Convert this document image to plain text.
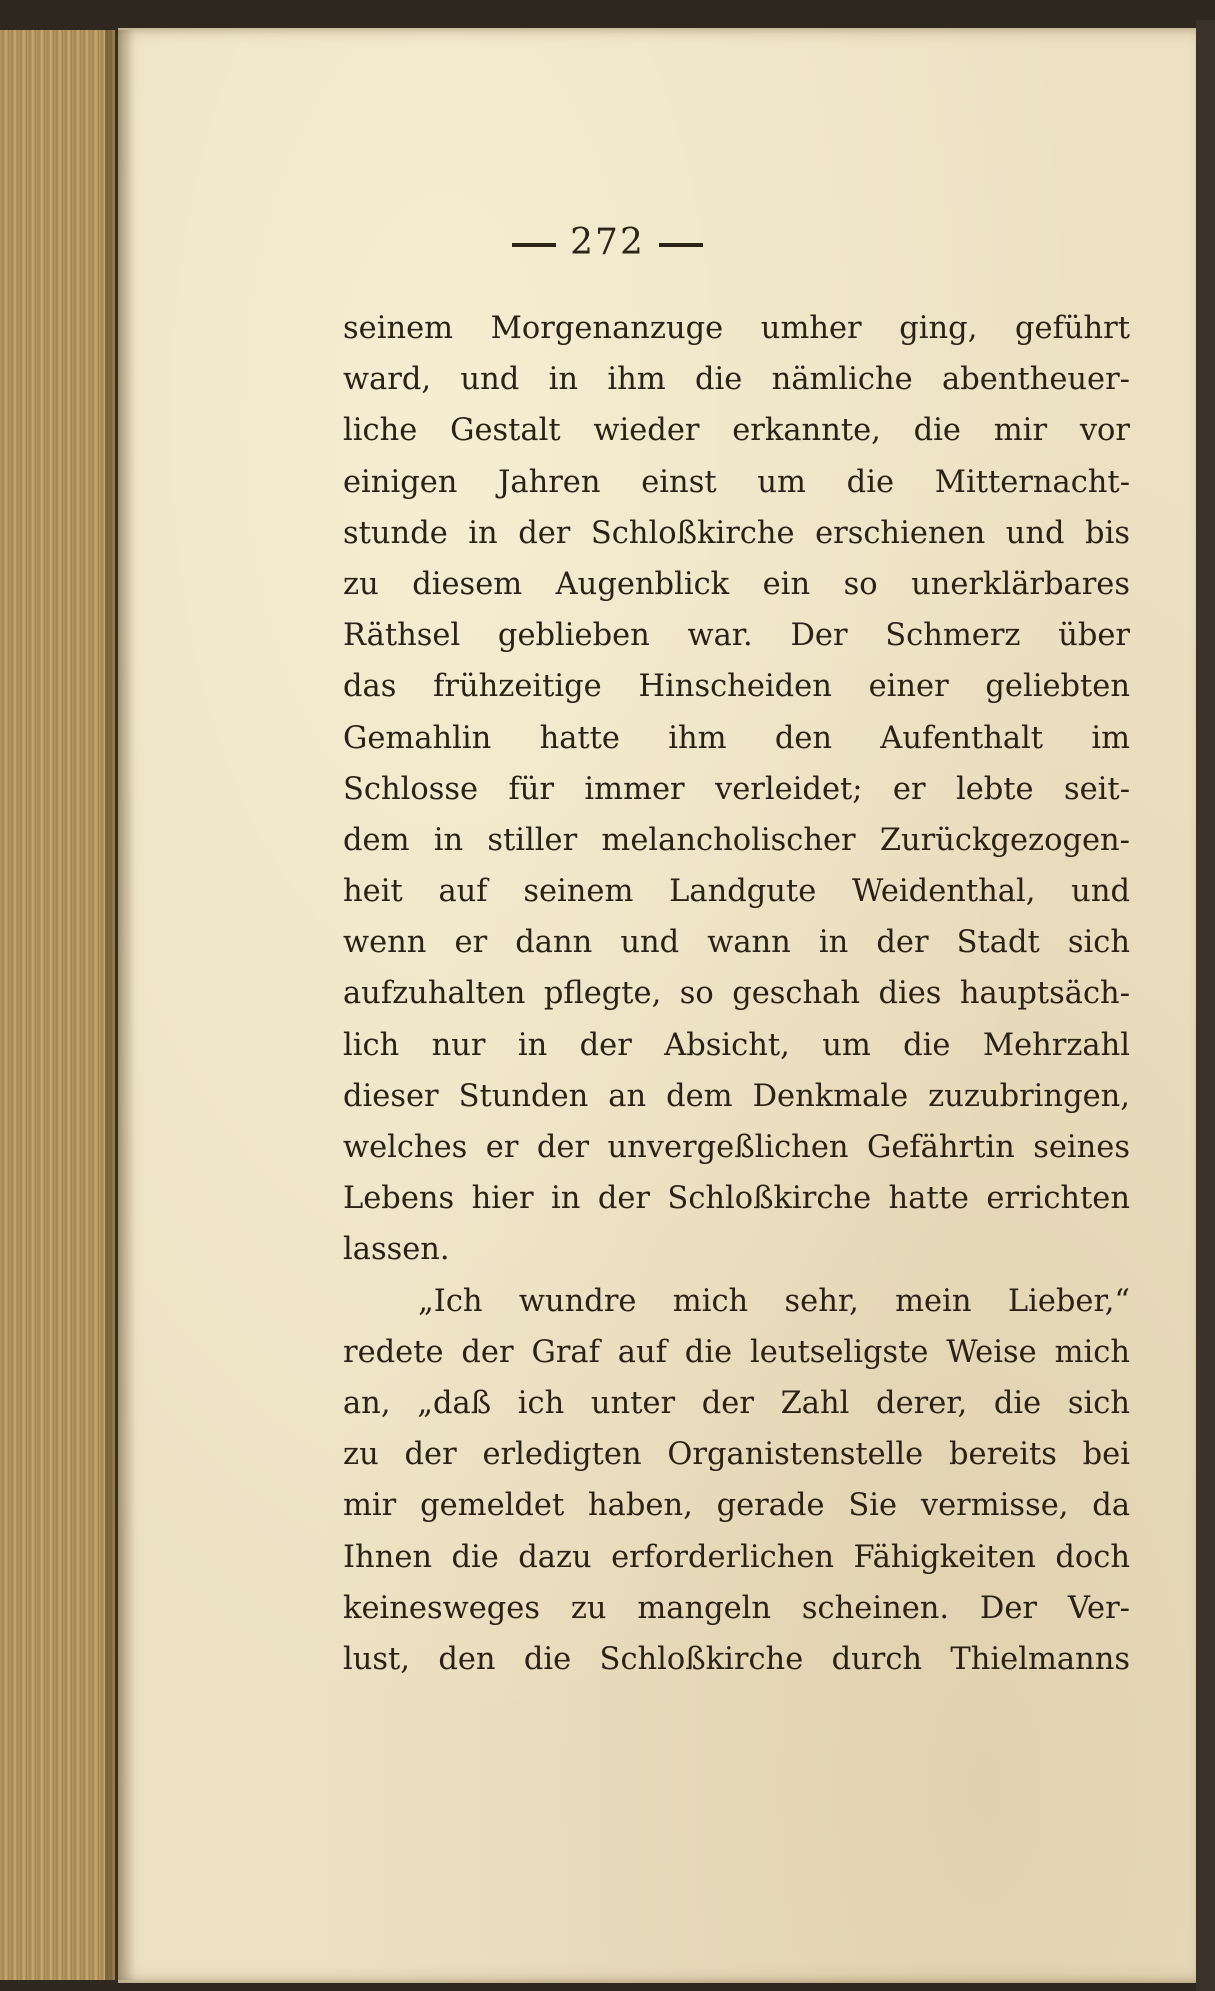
272
seinem Morgenanzuge umher ging, geführt
ward, und in ihm die nämliche abentheuer-
liche Gestalt wieder erkannte, die mir vor
einigen Jahren einst um die Mitternacht-
stunde in der Schloßkirche erschienen und bis
zu diesem Augenblick ein so unerklärbares
Räthsel geblieben war. Der Schmerz über
das frühzeitige Hinscheiden einer geliebten
Gemahlin hatte ihm den Aufenthalt im
Schlosse für immer verleidet; er lebte seit-
dem in stiller melancholischer Zurückgezogen-
heit auf seinem Landgute Weidenthal, und
wenn er dann und wann in der Stadt sich
aufzuhalten pflegte, so geschah dies hauptsäch-
lich nur in der Absicht, um die Mehrzahl
dieser Stunden an dem Denkmale zuzubringen,
welches er der unvergeßlichen Gefährtin seines
Lebens hier in der Schloßkirche hatte errichten
lassen.
„Ich wundre mich sehr, mein Lieber,“
redete der Graf auf die leutseligste Weise mich
an, „daß ich unter der Zahl derer, die sich
zu der erledigten Organistenstelle bereits bei
mir gemeldet haben, gerade Sie vermisse, da
Ihnen die dazu erforderlichen Fähigkeiten doch
keinesweges zu mangeln scheinen. Der Ver-
lust, den die Schloßkirche durch Thielmanns
